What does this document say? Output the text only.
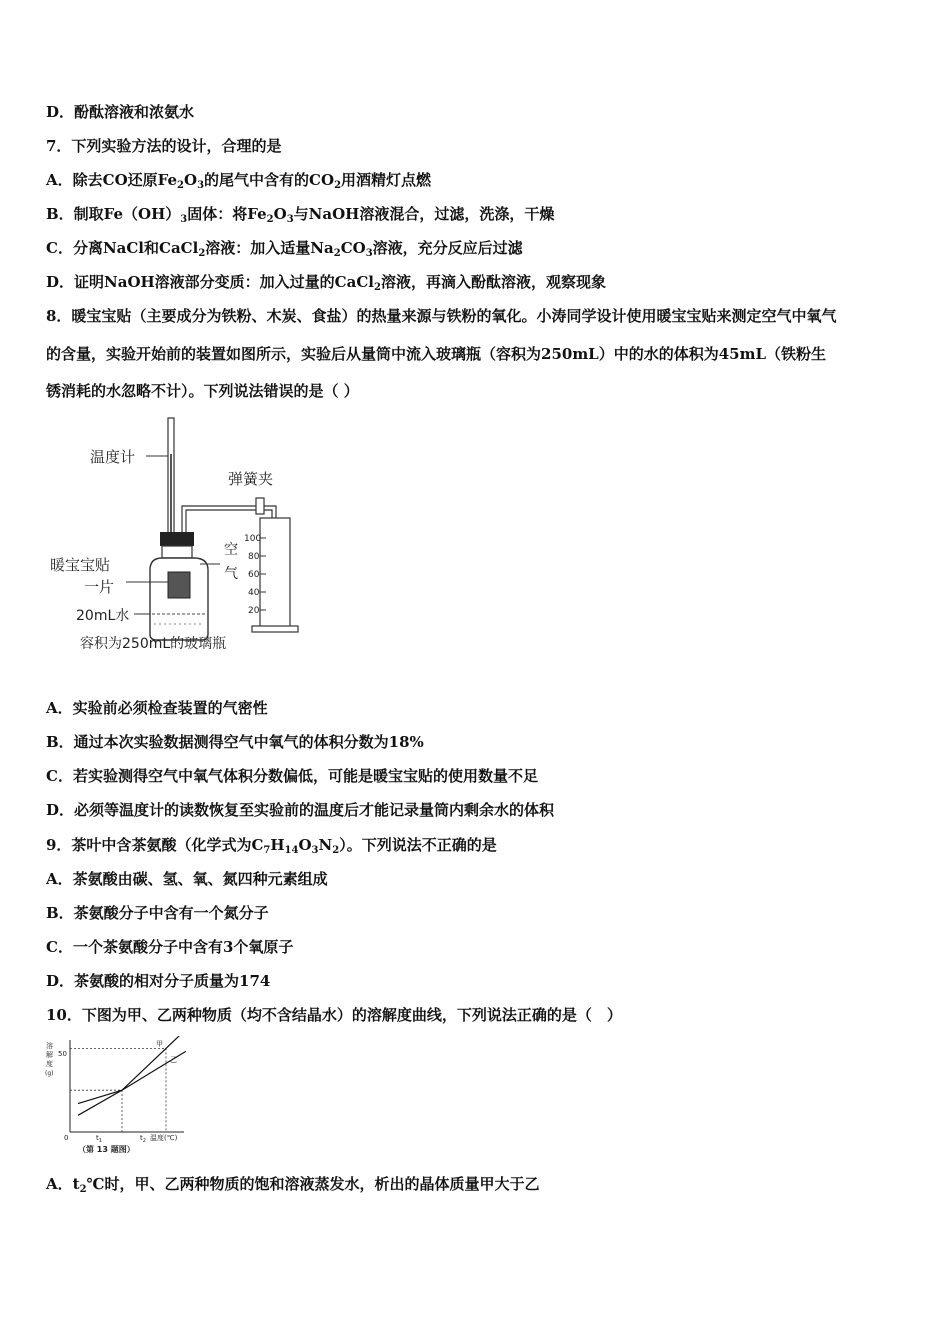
D．酚酞溶液和浓氨水
7．下列实验方法的设计，合理的是
A．除去CO还原$Fe_2O_3$的尾气中含有的$CO_2$用酒精灯点燃
B．制取$Fe(OH)_3$固体：将$Fe_2O_3$与NaOH溶液混合，过滤，洗涤，干燥
C．分离NaCl和CaCl$_2$溶液：加入适量$Na_2CO_3$溶液，充分反应后过滤
D．证明NaOH溶液部分变质：加入过量的CaCl$_2$溶液，再滴入酚酞溶液，观察现象
8．暖宝宝贴（主要成分为铁粉、木炭、食盐）的热量来源与铁粉的氧化。小涛同学设计使用暖宝宝贴来测定空气中氧气
的含量，实验开始前的装置如图所示，实验后从量筒中流入玻璃瓶（容积为250mL）中的水的体积为45mL（铁粉生
锈消耗的水忽略不计）。下列说法错误的是（ ）
温度计
暖宝宝贴
一片
20mL水
容积为250mL的玻璃瓶
空
气
弹簧夹
100
80
60
40
20
A．实验前必须检查装置的气密性
B．通过本次实验数据测得空气中氧气的体积分数为18%
C．若实验测得空气中氧气体积分数偏低，可能是暖宝宝贴的使用数量不足
D．必须等温度计的读数恢复至实验前的温度后才能记录量筒内剩余水的体积
9．茶叶中含茶氨酸（化学式为$C_7H_{14}O_3N_2$）。下列说法不正确的是
A．茶氨酸由碳、氢、氧、氮四种元素组成
B．茶氨酸分子中含有一个氮分子
C．一个茶氨酸分子中含有3个氧原子
D．茶氨酸的相对分子质量为174
10．下图为甲、乙两种物质（均不含结晶水）的溶解度曲线，下列说法正确的是（　）
溶
解
度
(g)
50
0	$t_1$	$t_2$ 温度(℃)
甲
乙
（第 13 题图）
A．$t_2℃$时，甲、乙两种物质的饱和溶液蒸发水，析出的晶体质量甲大于乙
